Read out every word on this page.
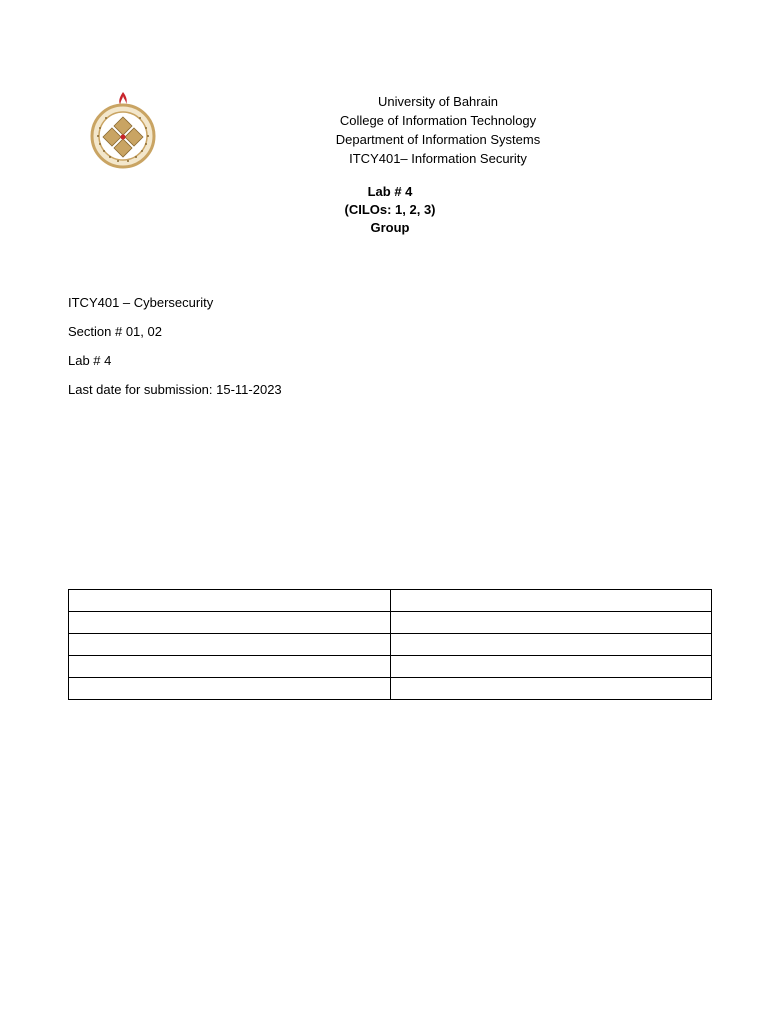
University of Bahrain
College of Information Technology
Department of Information Systems
ITCY401– Information Security
Lab # 4
(CILOs: 1, 2, 3)
Group
ITCY401 – Cybersecurity
Section # 01, 02
Lab # 4
Last date for submission: 15-11-2023
